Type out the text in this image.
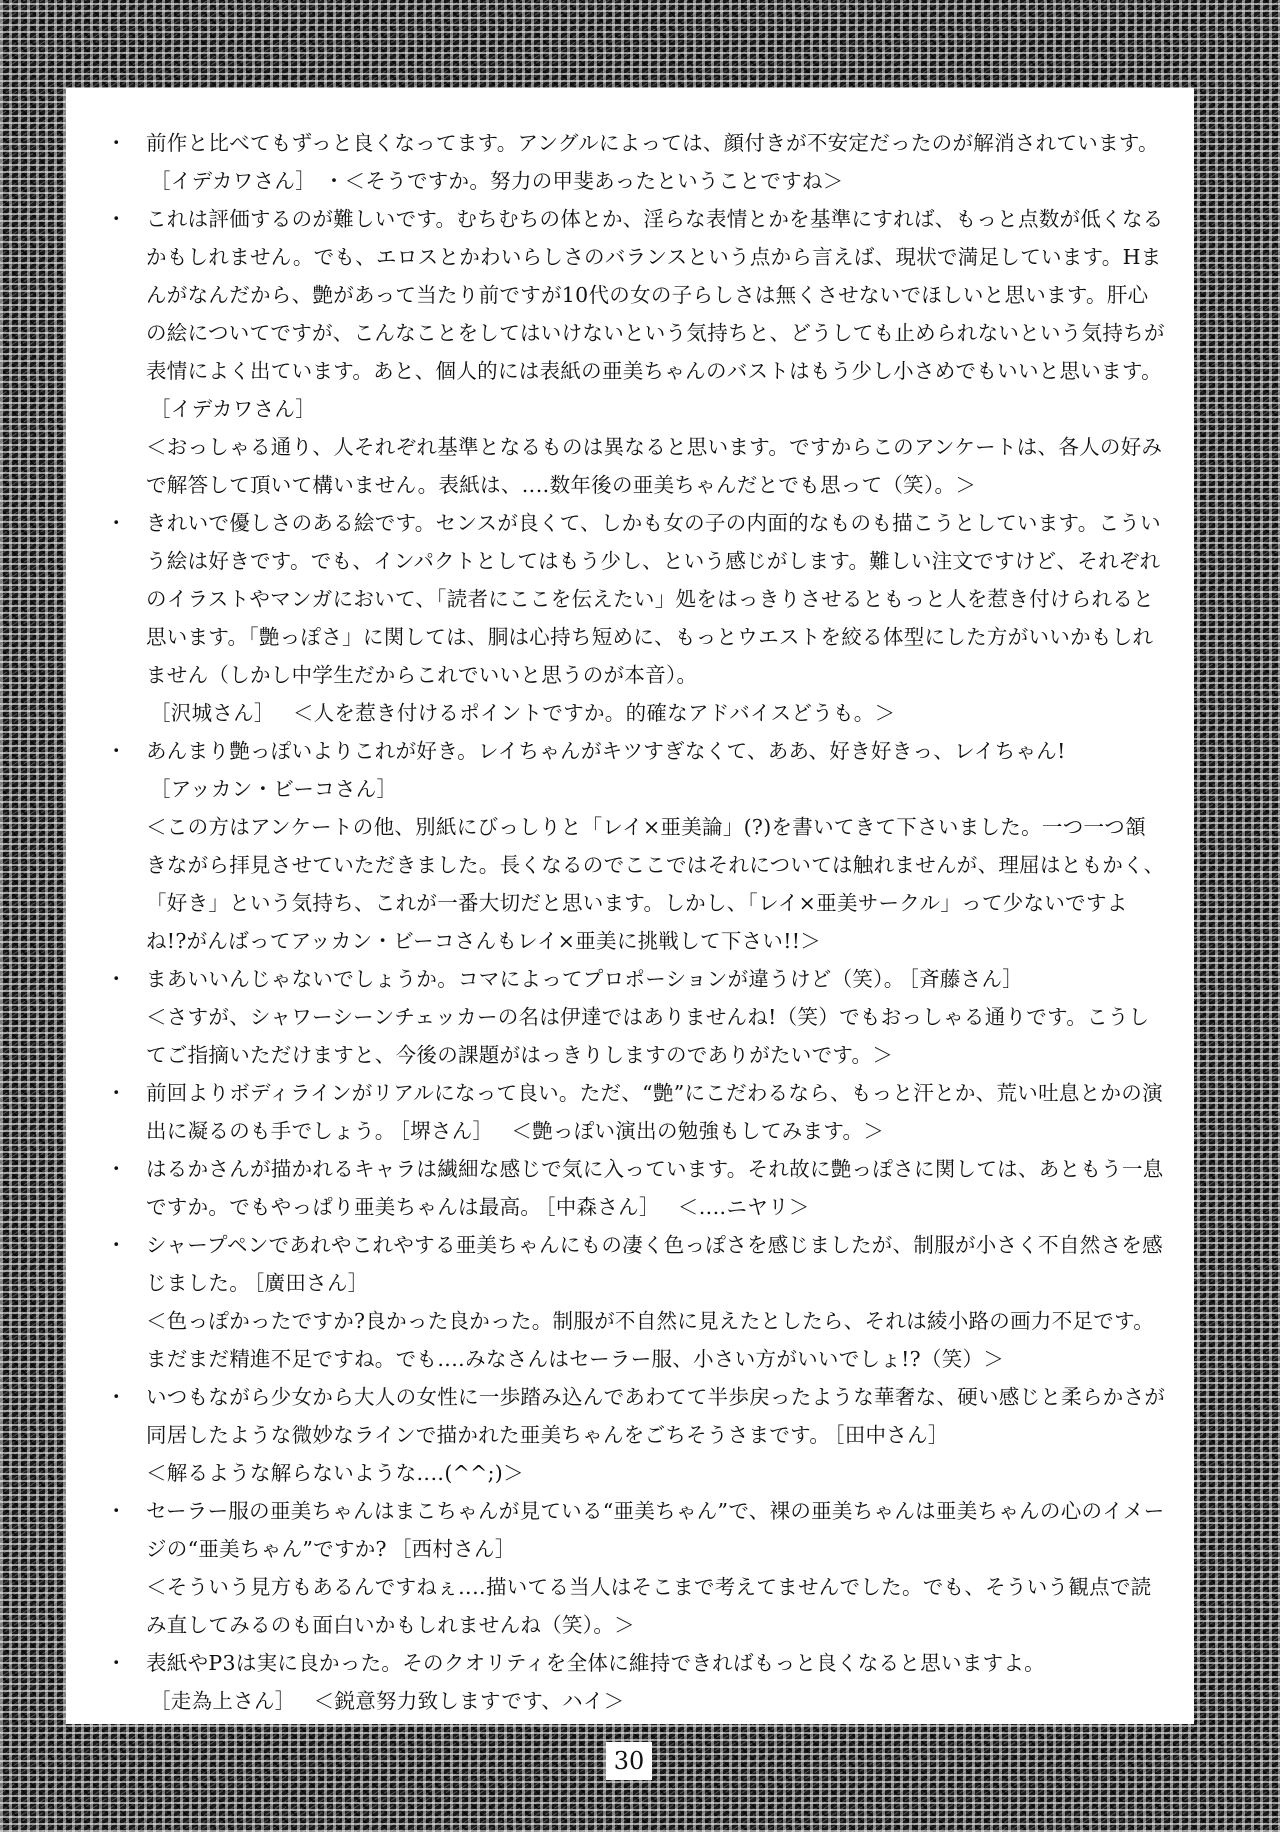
・ 前作と比べてもずっと良くなってます。アングルによっては、顔付きが不安定だったのが解消されています。［イデカワさん］ ・＜そうですか。努力の甲斐あったということですね＞
・ これは評価するのが難しいです。むちむちの体とか、淫らな表情とかを基準にすれば、もっと点数が低くなるかもしれません。でも、エロスとかわいらしさのバランスという点から言えば、現状で満足しています。Hまんがなんだから、艶があって当たり前ですが10代の女の子らしさは無くさせないでほしいと思います。肝心の絵についてですが、こんなことをしてはいけないという気持ちと、どうしても止められないという気持ちが表情によく出ています。あと、個人的には表紙の亜美ちゃんのバストはもう少し小さめでもいいと思います。［イデカワさん］
＜おっしゃる通り、人それぞれ基準となるものは異なると思います。ですからこのアンケートは、各人の好みで解答して頂いて構いません。表紙は、‥‥数年後の亜美ちゃんだとでも思って（笑）。＞
・ きれいで優しさのある絵です。センスが良くて、しかも女の子の内面的なものも描こうとしています。こういう絵は好きです。でも、インパクトとしてはもう少し、という感じがします。難しい注文ですけど、それぞれのイラストやマンガにおいて、「読者にここを伝えたい」処をはっきりさせるともっと人を惹き付けられると思います。「艶っぽさ」に関しては、胴は心持ち短めに、もっとウエストを絞る体型にした方がいいかもしれません（しかし中学生だからこれでいいと思うのが本音）。
［沢城さん］ ＜人を惹き付けるポイントですか。的確なアドバイスどうも。＞
・ あんまり艶っぽいよりこれが好き。レイちゃんがキツすぎなくて、ああ、好き好きっ、レイちゃん!
［アッカン・ビーコさん］
＜この方はアンケートの他、別紙にびっしりと「レイ×亜美論」(?)を書いてきて下さいました。一つ一つ頷きながら拝見させていただきました。長くなるのでここではそれについては触れませんが、理屈はともかく、「好き」という気持ち、これが一番大切だと思います。しかし、「レイ×亜美サークル」って少ないですよね!?がんばってアッカン・ビーコさんもレイ×亜美に挑戦して下さい!!＞
・ まあいいんじゃないでしょうか。コマによってプロポーションが違うけど（笑）。 ［斉藤さん］
＜さすが、シャワーシーンチェッカーの名は伊達ではありませんね!（笑）でもおっしゃる通りです。こうしてご指摘いただけますと、今後の課題がはっきりしますのでありがたいです。＞
・ 前回よりボディラインがリアルになって良い。ただ、“艶”にこだわるなら、もっと汗とか、荒い吐息とかの演出に凝るのも手でしょう。 ［堺さん］ ＜艶っぽい演出の勉強もしてみます。＞
・ はるかさんが描かれるキャラは繊細な感じで気に入っています。それ故に艶っぽさに関しては、あともう一息ですか。でもやっぱり亜美ちゃんは最高。 ［中森さん］ ＜‥‥ニヤリ＞
・ シャープペンであれやこれやする亜美ちゃんにもの凄く色っぽさを感じましたが、制服が小さく不自然さを感じました。 ［廣田さん］
＜色っぽかったですか?良かった良かった。制服が不自然に見えたとしたら、それは綾小路の画力不足です。まだまだ精進不足ですね。でも‥‥みなさんはセーラー服、小さい方がいいでしょ!?（笑）＞
・ いつもながら少女から大人の女性に一歩踏み込んであわてて半歩戻ったような華奢な、硬い感じと柔らかさが同居したような微妙なラインで描かれた亜美ちゃんをごちそうさまです。 ［田中さん］
＜解るような解らないような‥‥(^^;)＞
・ セーラー服の亜美ちゃんはまこちゃんが見ている“亜美ちゃん”で、裸の亜美ちゃんは亜美ちゃんの心のイメージの“亜美ちゃん”ですか? ［西村さん］
＜そういう見方もあるんですねぇ‥‥描いてる当人はそこまで考えてませんでした。でも、そういう観点で読み直してみるのも面白いかもしれませんね（笑）。＞
・ 表紙やP3は実に良かった。そのクオリティを全体に維持できればもっと良くなると思いますよ。
［走為上さん］ ＜鋭意努力致しますです、ハイ＞
30
